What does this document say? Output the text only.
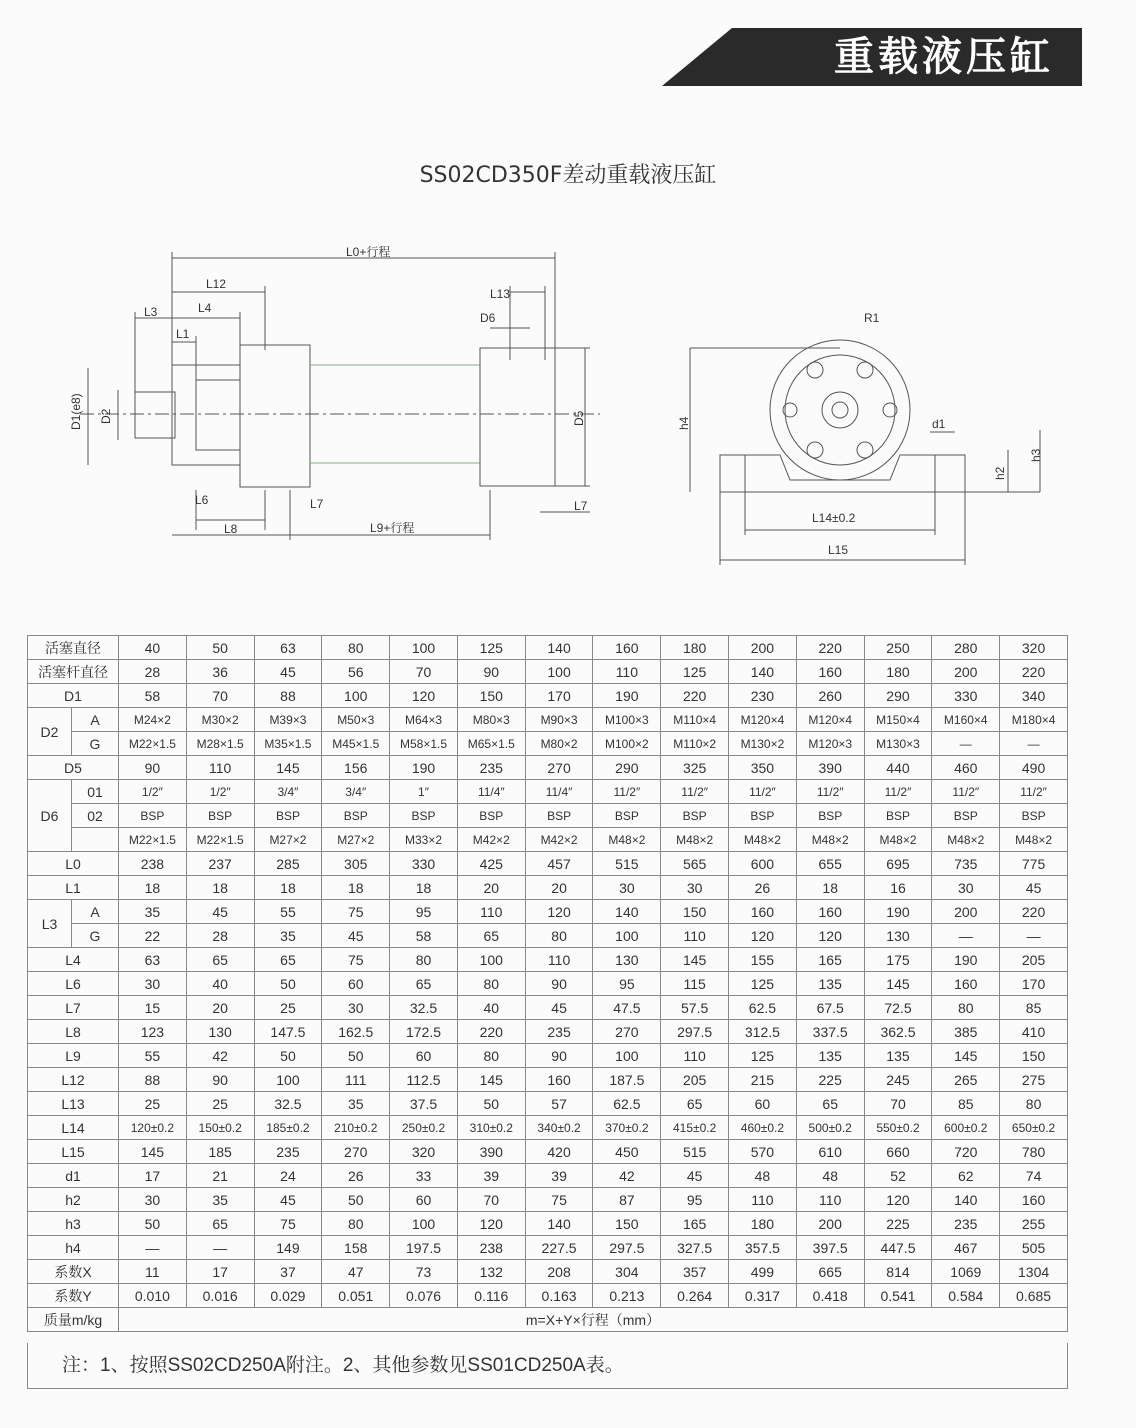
重载液压缸
SS02CD350F差动重载液压缸
L0+行程
L12
L3	L4
L1
D1(e8) D2
L6
L8
L7
L9+行程
L13
D6
D5
L7
R1
h4	d1
h2
h3
L14±0.2
L15
活塞直径		40	50	63	80	100	125	140	160	180	200	220	250	280	320
活塞杆直径		28	36	45	56	70	90	100	110	125	140	160	180	200	220
D1		58	70	88	100	120	150	170	190	220	230	260	290	330	340
D2	A	M24×2	M30×2	M39×3	M50×3	M64×3	M80×3	M90×3	M100×3	M110×4	M120×4	M120×4	M150×4	M160×4	M180×4
	G	M22×1.5	M28×1.5	M35×1.5	M45×1.5	M58×1.5	M65×1.5	M80×2	M100×2	M110×2	M130×2	M120×3	M130×3	—	—
D5		90	110	145	156	190	235	270	290	325	350	390	440	460	490
D6	01	1/2″	1/2″	3/4″	3/4″	1″	11/4″	11/4″	11/2″	11/2″	11/2″	11/2″	11/2″	11/2″	11/2″
	02	BSP	BSP	BSP	BSP	BSP	BSP	BSP	BSP	BSP	BSP	BSP	BSP	BSP	BSP
		M22×1.5	M22×1.5	M27×2	M27×2	M33×2	M42×2	M42×2	M48×2	M48×2	M48×2	M48×2	M48×2	M48×2	M48×2
L0		238	237	285	305	330	425	457	515	565	600	655	695	735	775
L1		18	18	18	18	18	20	20	30	30	26	18	16	30	45
L3	A	35	45	55	75	95	110	120	140	150	160	160	190	200	220
	G	22	28	35	45	58	65	80	100	110	120	120	130	—	—
L4		63	65	65	75	80	100	110	130	145	155	165	175	190	205
L6		30	40	50	60	65	80	90	95	115	125	135	145	160	170
L7		15	20	25	30	32.5	40	45	47.5	57.5	62.5	67.5	72.5	80	85
L8		123	130	147.5	162.5	172.5	220	235	270	297.5	312.5	337.5	362.5	385	410
L9		55	42	50	50	60	80	90	100	110	125	135	135	145	150
L12		88	90	100	111	112.5	145	160	187.5	205	215	225	245	265	275
L13		25	25	32.5	35	37.5	50	57	62.5	65	60	65	70	85	80
L14		120±0.2	150±0.2	185±0.2	210±0.2	250±0.2	310±0.2	340±0.2	370±0.2	415±0.2	460±0.2	500±0.2	550±0.2	600±0.2	650±0.2
L15		145	185	235	270	320	390	420	450	515	570	610	660	720	780
d1		17	21	24	26	33	39	39	42	45	48	48	52	62	74
h2		30	35	45	50	60	70	75	87	95	110	110	120	140	160
h3		50	65	75	80	100	120	140	150	165	180	200	225	235	255
h4		—	—	149	158	197.5	238	227.5	297.5	327.5	357.5	397.5	447.5	467	505
系数X		11	17	37	47	73	132	208	304	357	499	665	814	1069	1304
系数Y		0.010	0.016	0.029	0.051	0.076	0.116	0.163	0.213	0.264	0.317	0.418	0.541	0.584	0.685
质量m/kg		m=X+Y×行程（mm）													
注：1、按照SS02CD250A附注。2、其他参数见SS01CD250A表。
